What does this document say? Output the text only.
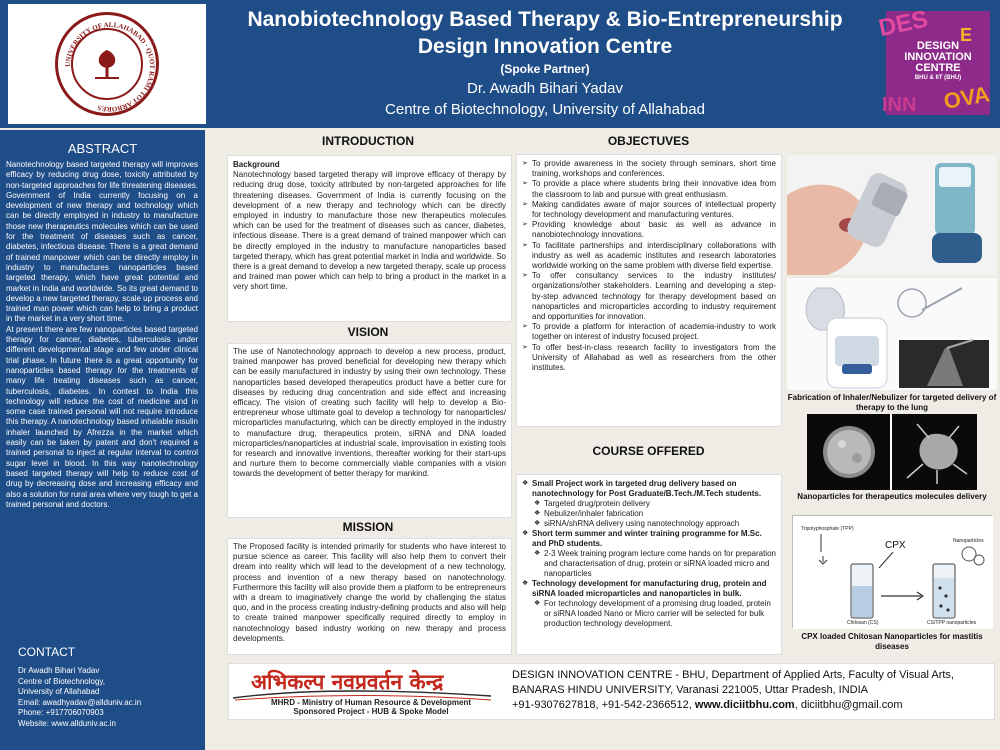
UNIVERSITY OF ALLAHABAD · QUOT RAMI TOT ARBORES
Nanobiotechnology Based Therapy & Bio-Entrepreneurship
Design Innovation Centre
(Spoke Partner)
Dr. Awadh Bihari Yadav
Centre of Biotechnology, University of Allahabad
DES
OVA
INN
E
DESIGN
INNOVATION
CENTRE
BHU & IIT (BHU)
ABSTRACT

Nanotechnology based targeted therapy will improves efficacy by reducing drug dose, toxicity attributed by non-targeted approaches for life threatening diseases. Government of India currently focusing on a development of new therapy and technology which can be directly employed in industry to manufacture those new therapeutics molecules which can be used for the treatment of diseases such as cancer, diabetes, infectious disease. There is a great demand of trained manpower which can be directly employ in industry to manufactures nanoparticles based targeted therapy, which have great potential and market in India and worldwide. So its great demand to develop a new targeted therapy, scale up process and trained man power which can help to bring a product in the market in a very short time.

At present there are few nanoparticles based targeted therapy for cancer, diabetes, tuberculosis under different developmental stage and few under clinical trial phase. In future there is a great opportunity for nanoparticles based therapy for the treatments of many life treating diseases such as cancer, tuberculosis, diabetes. In contest to India this technology will reduce the cost of medicine and in some case trained personal will not require introduce this therapy. A nanotechnology based inhalable insulin inhaler launched by Afrezza in the market which easily can be taken by patent and don't required a trained personal to inject at regular interval to control sugar level in blood. In this way nanotechnology based targeted therapy will help to reduce cost of drug by decreasing dose and increasing efficacy and also a solution for rural area where very tough to get a trained personal and doctors.

CONTACT
Dr Awadh Bihari Yadav
Centre of Biotechnology,
University of Allahabad
Email: awadhyadav@allduniv.ac.in
Phone: +917706070903
Website: www.allduniv.ac.in
INTRODUCTION
Background
Nanotechnology based targeted therapy will improve efficacy of therapy by reducing drug dose, toxicity attributed by non-targeted approaches for life threatening diseases. Government of India is currently focusing on the development of a new therapy and technology which can be directly employed in industry to manufacture those new therapeutics molecules which can be used for the treatment of diseases such as cancer, diabetes, infectious disease. There is a great demand of trained manpower which can be directly employed in the industry to manufacture nanoparticles based targeted therapy, which has great potential market in India and worldwide. So there is a great demand to develop a new targeted therapy, scale up process and trained man power which can help to bring a product in the market in a very short time.
VISION
The use of Nanotechnology approach to develop a new process, product, trained manpower has proved beneficial for developing new therapy which can be easily manufactured in industry by using their own technology. These nanoparticles based developed therapeutics product have a better cure for diseases by reducing drug concentration and side effect and increasing efficacy. The vision of creating such facility will help to develop a Bio-entrepreneur whose ultimate goal to develop a technology for nanoparticles/ microparticles manufacturing, which can be directly employed in the industry to manufacture drug, therapeutics protein, siRNA and DNA loaded microparticles/nanoparticles at industrial scale, improvisation in existing tools for research and innovative inventions, thereafter working for their start-ups and nurture them to become commercially viable companies with a vision towards the development of better therapy for mankind.
MISSION
The Proposed facility is intended primarily for students who have interest to pursue science as career. This facility will also help them to convert their dream into reality which will lead to the development of a new technology, process and invention of a new therapy based on nanotechnology. Furthermore this facility will also provide them a platform to be entrepreneurs with a dream to imaginatively change the world by challenging the status quo, and in the process creating industry-defining products and also will help to create trained manpower specifically required directly to employ in nanotechnology based industry working on new therapy and process developments.
OBJECTUVES
➢ To provide awareness in the society through seminars, short time training, workshops and conferences.
➢ To provide a place where students bring their innovative idea from the classroom to lab and pursue with great enthusiasm.
➢ Making candidates aware of major sources of intellectual property for technology development and manufacturing ventures.
➢ Providing knowledge about basic as well as advance in nanobiotechnology innovations.
➢ To facilitate partnerships and interdisciplinary collaborations with industry as well as academic institutes and research laboratories worldwide working on the same problem with diverse field expertise.
➢ To offer consultancy services to the industry institutes/ organizations/other stakeholders. Learning and developing a step-by-step advanced technology for therapy development based on nanoparticles and microparticles according to industry requirement and opportunities for innovation.
➢ To provide a platform for interaction of academia-industry to work together on interest of industry focused project.
➢ To offer best-in-class research facility to investigators from the University of Allahabad as well as researchers from the other institutes.
COURSE OFFERED
❖ Small Project work in targeted drug delivery based on nanotechnology for Post Graduate/B.Tech./M.Tech students.
❖ Targeted drug/protein delivery
❖ Nebulizer/inhaler fabrication
❖ siRNA/shRNA delivery using nanotechnology approach
❖ Short term summer and winter training programme for M.Sc. and PhD students.
❖ 2-3 Week training program lecture come hands on for preparation and characterisation of drug, protein or siRNA loaded micro and nanoparticles
❖ Technology development for manufacturing drug, protein and siRNA loaded microparticles and nanoparticles in bulk.
❖ For technology development of a promising drug loaded, protein or siRNA loaded Nano or Micro carrier will be selected for bulk production technology development.
Fabrication of Inhaler/Nebulizer for targeted delivery of therapy to the lung
Nanoparticles for therapeutics molecules delivery
Tripolyphosphate (TPP)
CPX
Chitosan (CS)
Nanoparticles
CS/TPP nanoparticles
CPX loaded Chitosan Nanoparticles for mastitis diseases
अभिकल्प नवप्रवर्तन केन्द्र
MHRD - Ministry of Human Resource & Development
Sponsored Project - HUB & Spoke Model
DESIGN INNOVATION CENTRE - BHU, Department of Applied Arts, Faculty of Visual Arts,
BANARAS HINDU UNIVERSITY, Varanasi 221005, Uttar Pradesh, INDIA
+91-9307627818, +91-542-2366512, www.diciitbhu.com, diciitbhu@gmail.com
